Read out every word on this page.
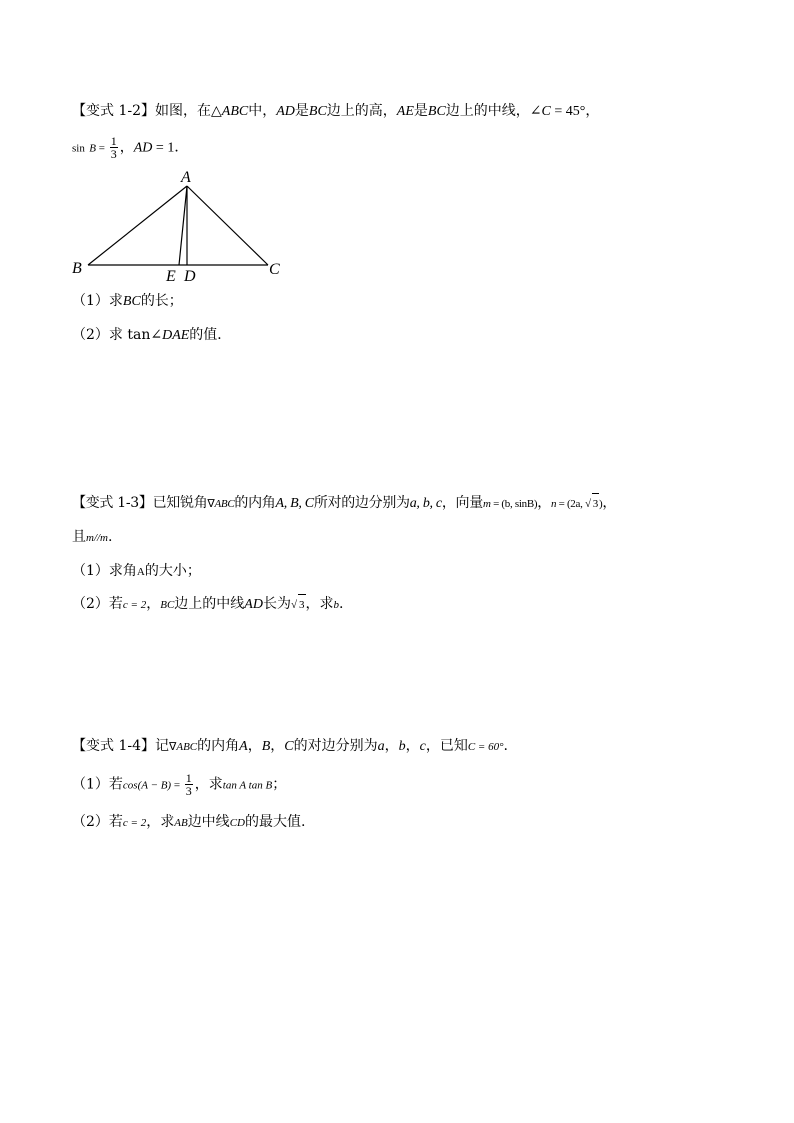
【变式 1-2】如图，在△ABC中，AD是BC边上的高，AE是BC边上的中线，∠C = 45°，
$\sin B = \frac{1}{3}$ ，AD = 1．
A
B	C
E D
（1）求BC的长；
（2）求 tan∠DAE的值．
【变式 1-3】已知锐角∇ABC的内角A, B, C所对的边分别为a, b, c，向量m = (b, sinB)，n = (2a, √ 3)，
且m//m.
（1）求角A的大小；
（2）若c = 2，BC边上的中线AD长为√ 3，求b.
【变式 1-4】记∇ABC的内角A，B，C的对边分别为a，b，c，已知C = 60°.
（1）若$\cos(A - B) = \frac{1}{3}$ ，求tan A tan B；
（2）若c = 2，求AB边中线CD的最大值.
